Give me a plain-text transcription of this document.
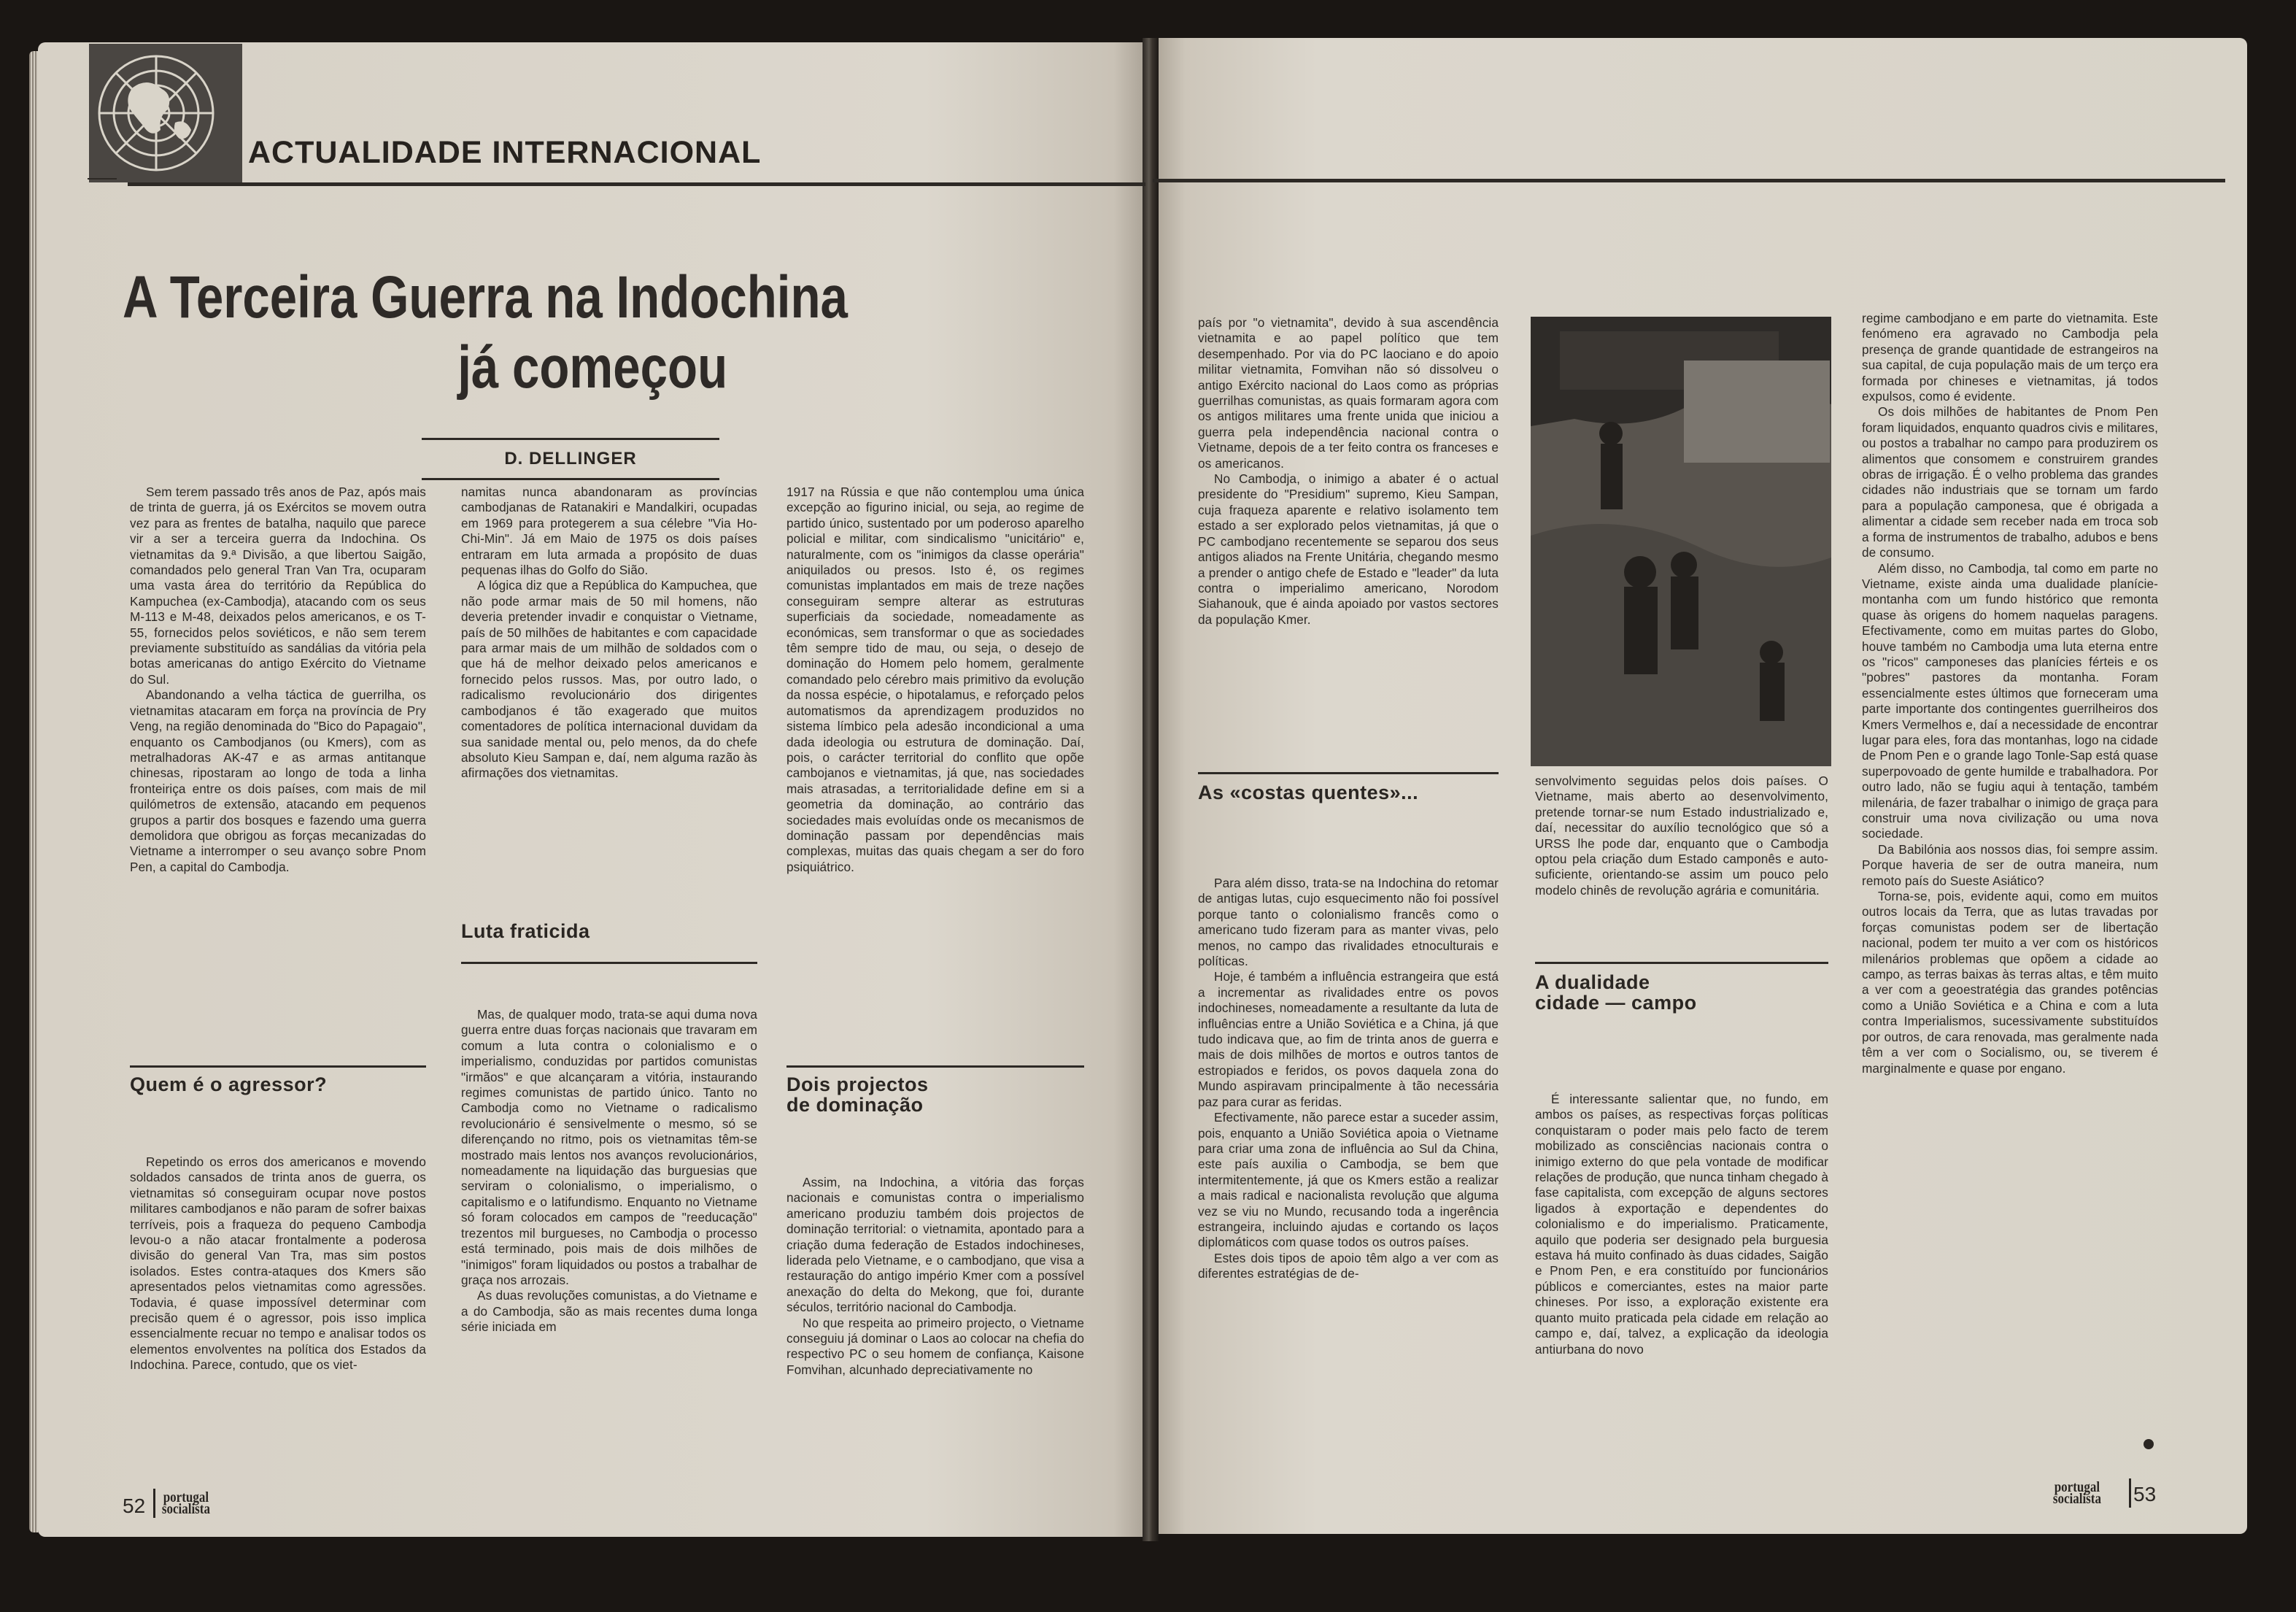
ACTUALIDADE INTERNACIONAL
A Terceira Guerra na Indochina
já começou
D. DELLINGER

Sem terem passado três anos de Paz, após mais de trinta de guerra, já os Exércitos se movem outra vez para as frentes de batalha, naquilo que parece vir a ser a terceira guerra da Indochina. Os vietnamitas da 9.ª Divisão, a que libertou Saigão, comandados pelo general Tran Van Tra, ocuparam uma vasta área do território da República do Kampuchea (ex-Cambodja), atacando com os seus M-113 e M-48, deixados pelos americanos, e os T-55, fornecidos pelos soviéticos, e não sem terem previamente substituído as sandálias da vitória pela botas americanas do antigo Exército do Vietname do Sul.

Abandonando a velha táctica de guerrilha, os vietnamitas atacaram em força na província de Pry Veng, na região denominada do "Bico do Papagaio", enquanto os Cambodjanos (ou Kmers), com as metralhadoras AK-47 e as armas antitanque chinesas, ripostaram ao longo de toda a linha fronteiriça entre os dois países, com mais de mil quilómetros de extensão, atacando em pequenos grupos a partir dos bosques e fazendo uma guerra demolidora que obrigou as forças mecanizadas do Vietname a interromper o seu avanço sobre Pnom Pen, a capital do Cambodja.

Quem é o agressor?

Repetindo os erros dos americanos e movendo soldados cansados de trinta anos de guerra, os vietnamitas só conseguiram ocupar nove postos militares cambodjanos e não param de sofrer baixas terríveis, pois a fraqueza do pequeno Cambodja levou-o a não atacar frontalmente a poderosa divisão do general Van Tra, mas sim postos isolados. Estes contra-ataques dos Kmers são apresentados pelos vietnamitas como agressões. Todavia, é quase impossível determinar com precisão quem é o agressor, pois isso implica essencialmente recuar no tempo e analisar todos os elementos envolventes na política dos Estados da Indochina. Parece, contudo, que os viet-

namitas nunca abandonaram as províncias cambodjanas de Ratanakiri e Mandalkiri, ocupadas em 1969 para protegerem a sua célebre "Via Ho-Chi-Min". Já em Maio de 1975 os dois países entraram em luta armada a propósito de duas pequenas ilhas do Golfo do Sião.

A lógica diz que a República do Kampuchea, que não pode armar mais de 50 mil homens, não deveria pretender invadir e conquistar o Vietname, país de 50 milhões de habitantes e com capacidade para armar mais de um milhão de soldados com o que há de melhor deixado pelos americanos e fornecido pelos russos. Mas, por outro lado, o radicalismo revolucionário dos dirigentes cambodjanos é tão exagerado que muitos comentadores de política internacional duvidam da sua sanidade mental ou, pelo menos, da do chefe absoluto Kieu Sampan e, daí, nem alguma razão às afirmações dos vietnamitas.

Luta fraticida

Mas, de qualquer modo, trata-se aqui duma nova guerra entre duas forças nacionais que travaram em comum a luta contra o colonialismo e o imperialismo, conduzidas por partidos comunistas "irmãos" e que alcançaram a vitória, instaurando regimes comunistas de partido único. Tanto no Cambodja como no Vietname o radicalismo revolucionário é sensivelmente o mesmo, só se diferençando no ritmo, pois os vietnamitas têm-se mostrado mais lentos nos avanços revolucionários, nomeadamente na liquidação das burguesias que serviram o colonialismo, o imperialismo, o capitalismo e o latifundismo. Enquanto no Vietname só foram colocados em campos de "reeducação" trezentos mil burgueses, no Cambodja o processo está terminado, pois mais de dois milhões de "inimigos" foram liquidados ou postos a trabalhar de graça nos arrozais.

As duas revoluções comunistas, a do Vietname e a do Cambodja, são as mais recentes duma longa série iniciada em

1917 na Rússia e que não contemplou uma única excepção ao figurino inicial, ou seja, ao regime de partido único, sustentado por um poderoso aparelho policial e militar, com sindicalismo "unicitário" e, naturalmente, com os "inimigos da classe operária" aniquilados ou presos. Isto é, os regimes comunistas implantados em mais de treze nações conseguiram sempre alterar as estruturas superficiais da sociedade, nomeadamente as económicas, sem transformar o que as sociedades têm sempre tido de mau, ou seja, o desejo de dominação do Homem pelo homem, geralmente comandado pelo cérebro mais primitivo da evolução da nossa espécie, o hipotalamus, e reforçado pelos automatismos da aprendizagem produzidos no sistema límbico pela adesão incondicional a uma dada ideologia ou estrutura de dominação. Daí, pois, o carácter territorial do conflito que opõe cambojanos e vietnamitas, já que, nas sociedades mais atrasadas, a territorialidade define em si a geometria da dominação, ao contrário das sociedades mais evoluídas onde os mecanismos de dominação passam por dependências mais complexas, muitas das quais chegam a ser do foro psiquiátrico.

Dois projectos
de dominação

Assim, na Indochina, a vitória das forças nacionais e comunistas contra o imperialismo americano produziu também dois projectos de dominação territorial: o vietnamita, apontado para a criação duma federação de Estados indochineses, liderada pelo Vietname, e o cambodjano, que visa a restauração do antigo império Kmer com a possível anexação do delta do Mekong, que foi, durante séculos, território nacional do Cambodja.

No que respeita ao primeiro projecto, o Vietname conseguiu já dominar o Laos ao colocar na chefia do respectivo PC o seu homem de confiança, Kaisone Fomvihan, alcunhado depreciativamente no

país por "o vietnamita", devido à sua ascendência vietnamita e ao papel político que tem desempenhado. Por via do PC laociano e do apoio militar vietnamita, Fomvihan não só dissolveu o antigo Exército nacional do Laos como as próprias guerrilhas comunistas, as quais formaram agora com os antigos militares uma frente unida que iniciou a guerra pela independência nacional contra o Vietname, depois de a ter feito contra os franceses e os americanos.

No Cambodja, o inimigo a abater é o actual presidente do "Presidium" supremo, Kieu Sampan, cuja fraqueza aparente e relativo isolamento tem estado a ser explorado pelos vietnamitas, já que o PC cambodjano recentemente se separou dos seus antigos aliados na Frente Unitária, chegando mesmo a prender o antigo chefe de Estado e "leader" da luta contra o imperialimo americano, Norodom Siahanouk, que é ainda apoiado por vastos sectores da população Kmer.

As «costas quentes»...

Para além disso, trata-se na Indochina do retomar de antigas lutas, cujo esquecimento não foi possível porque tanto o colonialismo francês como o americano tudo fizeram para as manter vivas, pelo menos, no campo das rivalidades etnoculturais e políticas.

Hoje, é também a influência estrangeira que está a incrementar as rivalidades entre os povos indochineses, nomeadamente a resultante da luta de influências entre a União Soviética e a China, já que tudo indicava que, ao fim de trinta anos de guerra e mais de dois milhões de mortos e outros tantos de estropiados e feridos, os povos daquela zona do Mundo aspiravam principalmente à tão necessária paz para curar as feridas.

Efectivamente, não parece estar a suceder assim, pois, enquanto a União Soviética apoia o Vietname para criar uma zona de influência ao Sul da China, este país auxilia o Cambodja, se bem que intermitentemente, já que os Kmers estão a realizar a mais radical e nacionalista revolução que alguma vez se viu no Mundo, recusando toda a ingerência estrangeira, incluindo ajudas e cortando os laços diplomáticos com quase todos os outros países.

Estes dois tipos de apoio têm algo a ver com as diferentes estratégias de de-

senvolvimento seguidas pelos dois países. O Vietname, mais aberto ao desenvolvimento, pretende tornar-se num Estado industrializado e, daí, necessitar do auxílio tecnológico que só a URSS lhe pode dar, enquanto que o Cambodja optou pela criação dum Estado camponês e auto-suficiente, orientando-se assim um pouco pelo modelo chinês de revolução agrária e comunitária.

A dualidade
cidade — campo

É interessante salientar que, no fundo, em ambos os países, as respectivas forças políticas conquistaram o poder mais pelo facto de terem mobilizado as consciências nacionais contra o inimigo externo do que pela vontade de modificar relações de produção, que nunca tinham chegado à fase capitalista, com excepção de alguns sectores ligados à exportação e dependentes do colonialismo e do imperialismo. Praticamente, aquilo que poderia ser designado pela burguesia estava há muito confinado às duas cidades, Saigão e Pnom Pen, e era constituído por funcionários públicos e comerciantes, estes na maior parte chineses. Por isso, a exploração existente era quanto muito praticada pela cidade em relação ao campo e, daí, talvez, a explicação da ideologia antiurbana do novo

regime cambodjano e em parte do vietnamita. Este fenómeno era agravado no Cambodja pela presença de grande quantidade de estrangeiros na sua capital, de cuja população mais de um terço era formada por chineses e vietnamitas, já todos expulsos, como é evidente.

Os dois milhões de habitantes de Pnom Pen foram liquidados, enquanto quadros civis e militares, ou postos a trabalhar no campo para produzirem os alimentos que consomem e construirem grandes obras de irrigação. É o velho problema das grandes cidades não industriais que se tornam um fardo para a população camponesa, que é obrigada a alimentar a cidade sem receber nada em troca sob a forma de instrumentos de trabalho, adubos e bens de consumo.

Além disso, no Cambodja, tal como em parte no Vietname, existe ainda uma dualidade planície-montanha com um fundo histórico que remonta quase às origens do homem naquelas paragens. Efectivamente, como em muitas partes do Globo, houve também no Cambodja uma luta eterna entre os "ricos" camponeses das planícies férteis e os "pobres" pastores da montanha. Foram essencialmente estes últimos que forneceram uma parte importante dos contingentes guerrilheiros dos Kmers Vermelhos e, daí a necessidade de encontrar lugar para eles, fora das montanhas, logo na cidade de Pnom Pen e o grande lago Tonle-Sap está quase superpovoado de gente humilde e trabalhadora. Por outro lado, não se fugiu aqui à tentação, também milenária, de fazer trabalhar o inimigo de graça para construir uma nova civilização ou uma nova sociedade.

Da Babilónia aos nossos dias, foi sempre assim. Porque haveria de ser de outra maneira, num remoto país do Sueste Asiático?

Torna-se, pois, evidente aqui, como em muitos outros locais da Terra, que as lutas travadas por forças comunistas podem ser de libertação nacional, podem ter muito a ver com os históricos milenários problemas que opõem a cidade ao campo, as terras baixas às terras altas, e têm muito a ver com a geoestratégia das grandes potências como a União Soviética e a China e com a luta contra Imperialismos, sucessivamente substituídos por outros, de cara renovada, mas geralmente nada têm a ver com o Socialismo, ou, se tiverem é marginalmente e quase por engano.

52 portugal
socialista
portugal
socialista 53
